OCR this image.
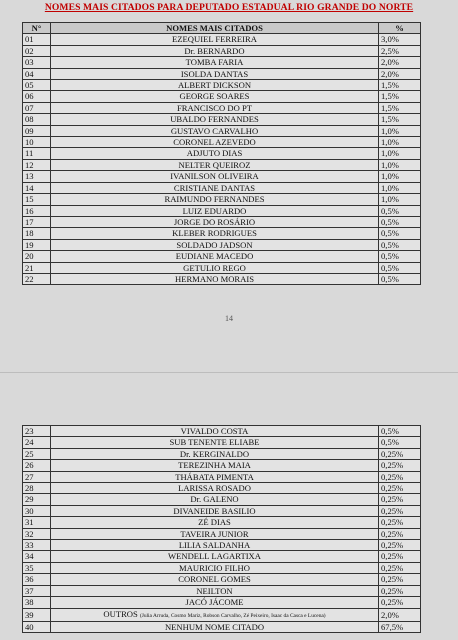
NOMES MAIS CITADOS PARA DEPUTADO ESTADUAL RIO GRANDE DO NORTE
N°	NOMES MAIS CITADOS	%
01	EZEQUIEL FERREIRA	3,0%
02	Dr. BERNARDO	2,5%
03	TOMBA FARIA	2,0%
04	ISOLDA DANTAS	2,0%
05	ALBERT DICKSON	1,5%
06	GEORGE SOARES	1,5%
07	FRANCISCO DO PT	1,5%
08	UBALDO FERNANDES	1,5%
09	GUSTAVO CARVALHO	1,0%
10	CORONEL AZEVEDO	1,0%
11	ADJUTO DIAS	1,0%
12	NELTER QUEIROZ	1,0%
13	IVANILSON OLIVEIRA	1,0%
14	CRISTIANE DANTAS	1,0%
15	RAIMUNDO FERNANDES	1,0%
16	LUIZ EDUARDO	0,5%
17	JORGE DO ROSÁRIO	0,5%
18	KLEBER RODRIGUES	0,5%
19	SOLDADO JADSON	0,5%
20	EUDIANE MACEDO	0,5%
21	GETULIO REGO	0,5%
22	HERMANO MORAIS	0,5%
14
23	VIVALDO COSTA	0,5%
24	SUB TENENTE ELIABE	0,5%
25	Dr. KERGINALDO	0,25%
26	TEREZINHA MAIA	0,25%
27	THÁBATA PIMENTA	0,25%
28	LARISSA ROSADO	0,25%
29	Dr. GALENO	0,25%
30	DIVANEIDE BASILIO	0,25%
31	ZÉ DIAS	0,25%
32	TAVEIRA JUNIOR	0,25%
33	LILIA SALDANHA	0,25%
34	WENDELL LAGARTIXA	0,25%
35	MAURICIO FILHO	0,25%
36	CORONEL GOMES	0,25%
37	NEILTON	0,25%
38	JACÓ JÁCOME	0,25%
39	OUTROS (Julia Arruda, Cosmo Mariz, Robson Carvalho, Zé Peixeiro, Isaac da Casca e Lucena)	2,0%
40	NENHUM NOME CITADO	67,5%
